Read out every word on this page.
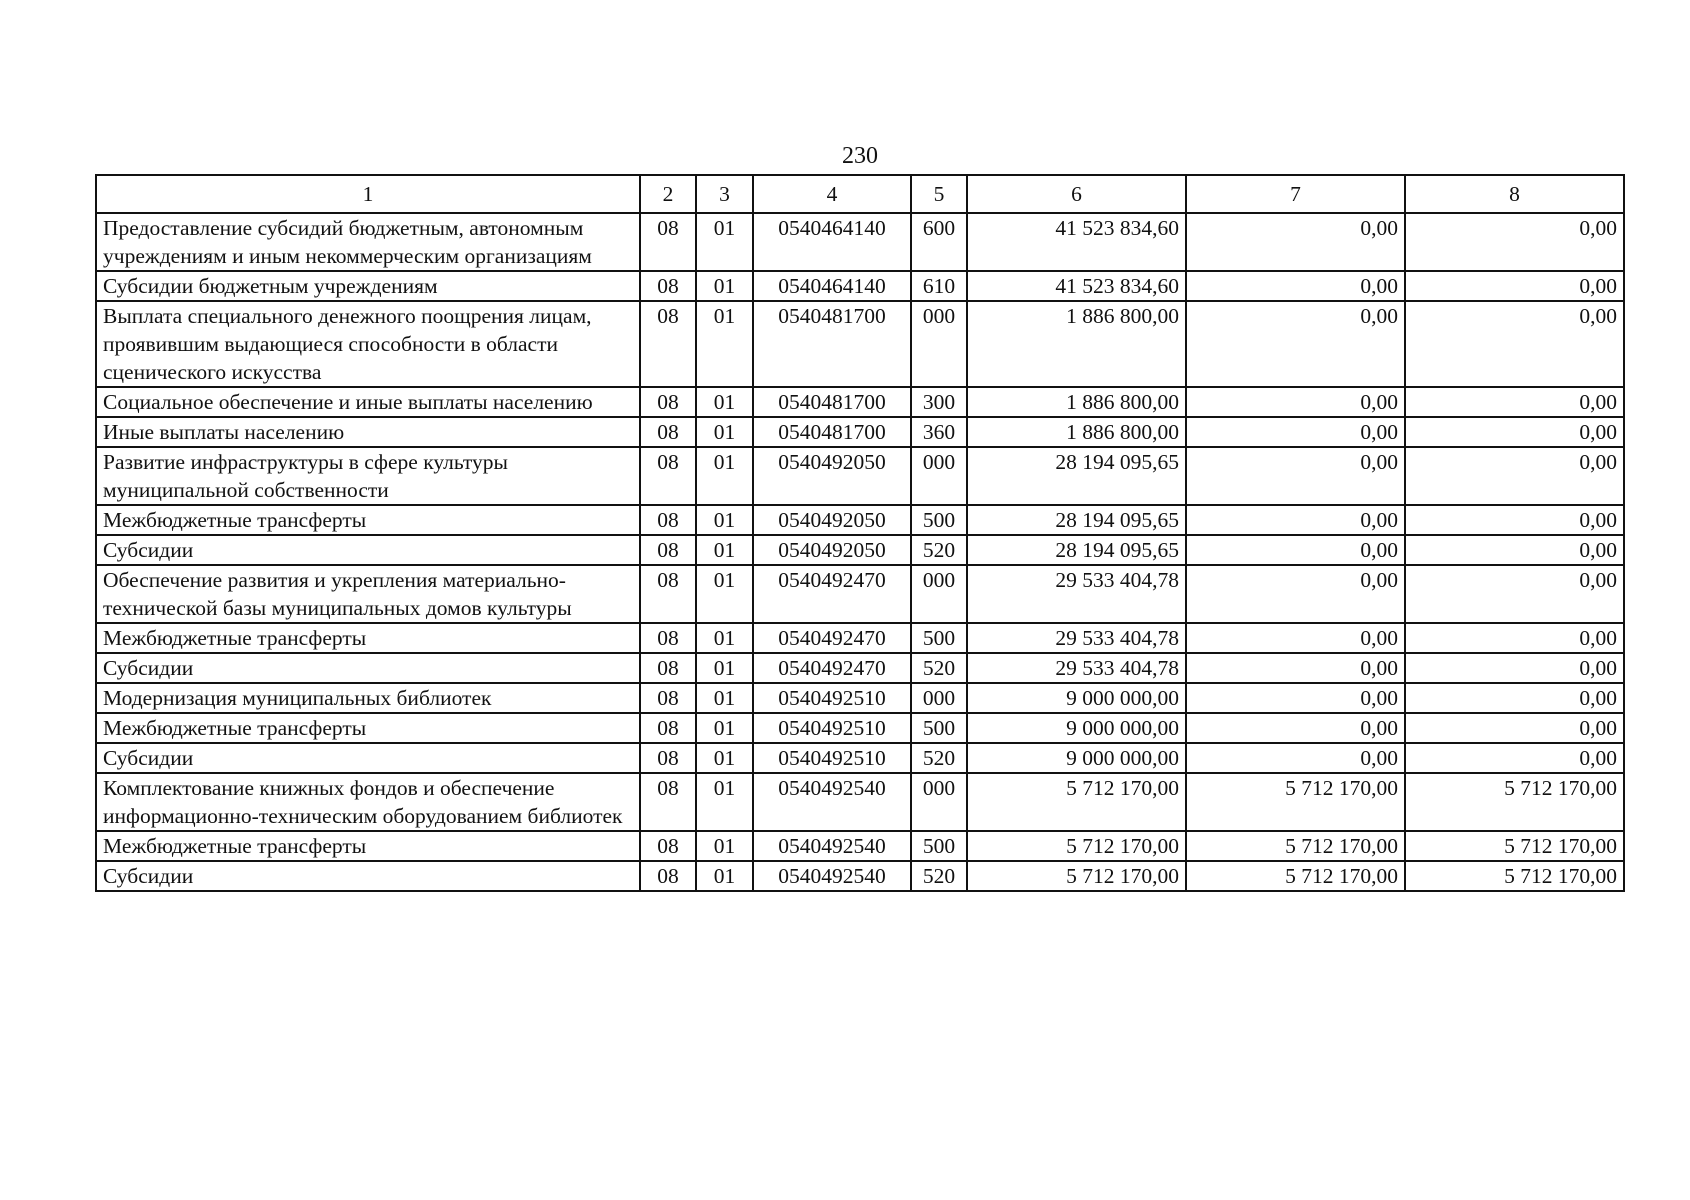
230
1	2	3	4	5	6	7	8
Предоставление субсидий бюджетным, автономным учреждениям и иным некоммерческим организациям	08	01	0540464140	600	41 523 834,60	0,00	0,00
Субсидии бюджетным учреждениям	08	01	0540464140	610	41 523 834,60	0,00	0,00
Выплата специального денежного поощрения лицам, проявившим выдающиеся способности в области сценического искусства	08	01	0540481700	000	1 886 800,00	0,00	0,00
Социальное обеспечение и иные выплаты населению	08	01	0540481700	300	1 886 800,00	0,00	0,00
Иные выплаты населению	08	01	0540481700	360	1 886 800,00	0,00	0,00
Развитие инфраструктуры в сфере культуры муниципальной собственности	08	01	0540492050	000	28 194 095,65	0,00	0,00
Межбюджетные трансферты	08	01	0540492050	500	28 194 095,65	0,00	0,00
Субсидии	08	01	0540492050	520	28 194 095,65	0,00	0,00
Обеспечение развития и укрепления материально-технической базы муниципальных домов культуры	08	01	0540492470	000	29 533 404,78	0,00	0,00
Межбюджетные трансферты	08	01	0540492470	500	29 533 404,78	0,00	0,00
Субсидии	08	01	0540492470	520	29 533 404,78	0,00	0,00
Модернизация муниципальных библиотек	08	01	0540492510	000	9 000 000,00	0,00	0,00
Межбюджетные трансферты	08	01	0540492510	500	9 000 000,00	0,00	0,00
Субсидии	08	01	0540492510	520	9 000 000,00	0,00	0,00
Комплектование книжных фондов и обеспечение информационно-техническим оборудованием библиотек	08	01	0540492540	000	5 712 170,00	5 712 170,00	5 712 170,00
Межбюджетные трансферты	08	01	0540492540	500	5 712 170,00	5 712 170,00	5 712 170,00
Субсидии	08	01	0540492540	520	5 712 170,00	5 712 170,00	5 712 170,00
